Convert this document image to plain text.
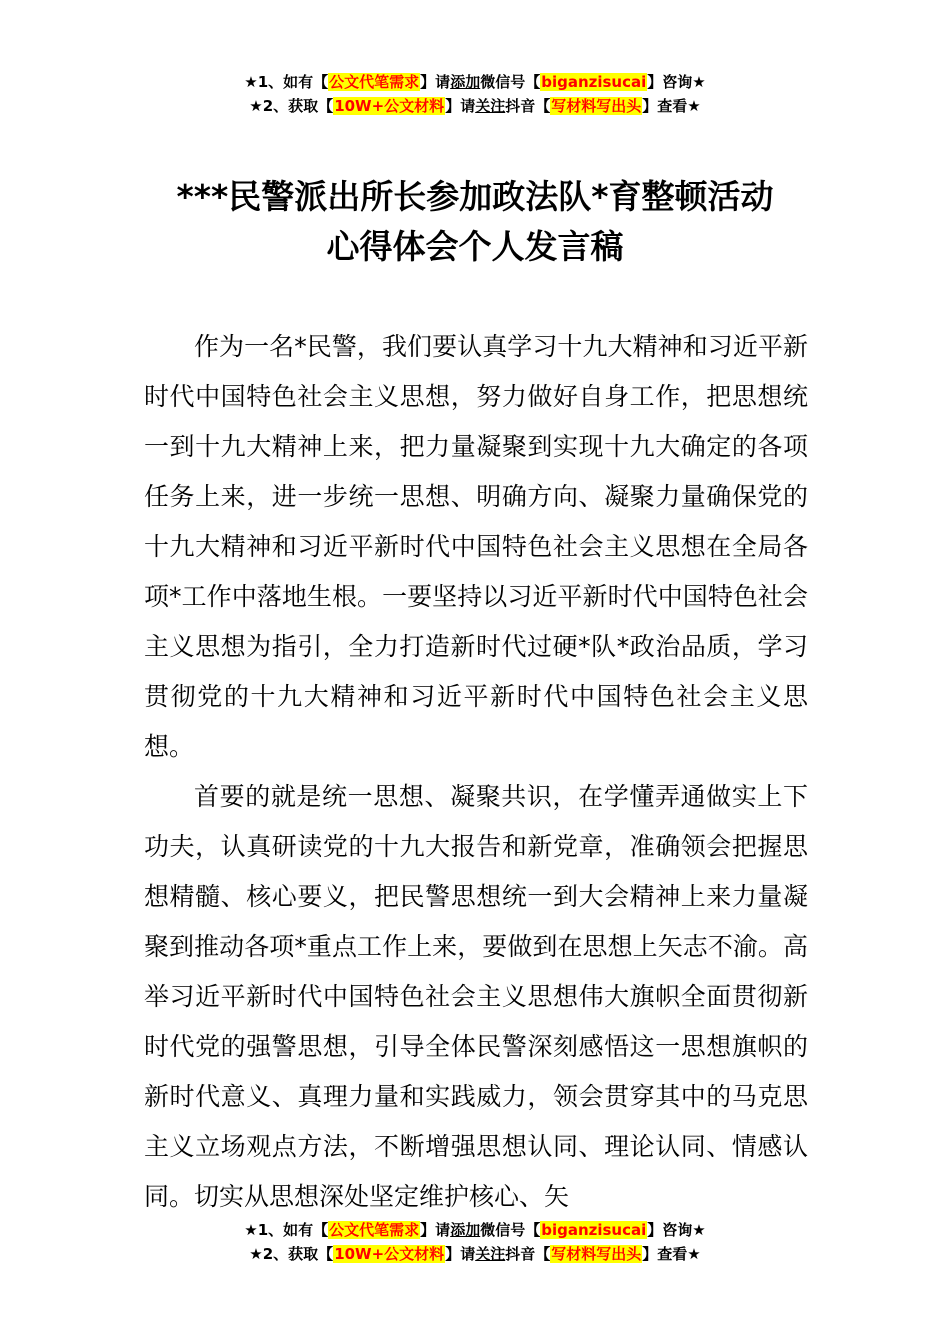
★1、如有【公文代笔需求】请添加微信号【biganzisucai】咨询★
★2、获取【10W+公文材料】请关注抖音【写材料写出头】查看★
***民警派出所长参加政法队*育整顿活动
心得体会个人发言稿

作为一名*民警，我们要认真学习十九大精神和习近平新时代中国特色社会主义思想，努力做好自身工作，把思想统一到十九大精神上来，把力量凝聚到实现十九大确定的各项任务上来，进一步统一思想、明确方向、凝聚力量确保党的十九大精神和习近平新时代中国特色社会主义思想在全局各项*工作中落地生根。一要坚持以习近平新时代中国特色社会主义思想为指引，全力打造新时代过硬*队*政治品质，学习贯彻党的十九大精神和习近平新时代中国特色社会主义思想。

首要的就是统一思想、凝聚共识，在学懂弄通做实上下功夫，认真研读党的十九大报告和新党章，准确领会把握思想精髓、核心要义，把民警思想统一到大会精神上来力量凝聚到推动各项*重点工作上来，要做到在思想上矢志不渝。高举习近平新时代中国特色社会主义思想伟大旗帜全面贯彻新时代党的强警思想，引导全体民警深刻感悟这一思想旗帜的新时代意义、真理力量和实践威力，领会贯穿其中的马克思主义立场观点方法，不断增强思想认同、理论认同、情感认同。切实从思想深处坚定维护核心、矢

★1、如有【公文代笔需求】请添加微信号【biganzisucai】咨询★
★2、获取【10W+公文材料】请关注抖音【写材料写出头】查看★
